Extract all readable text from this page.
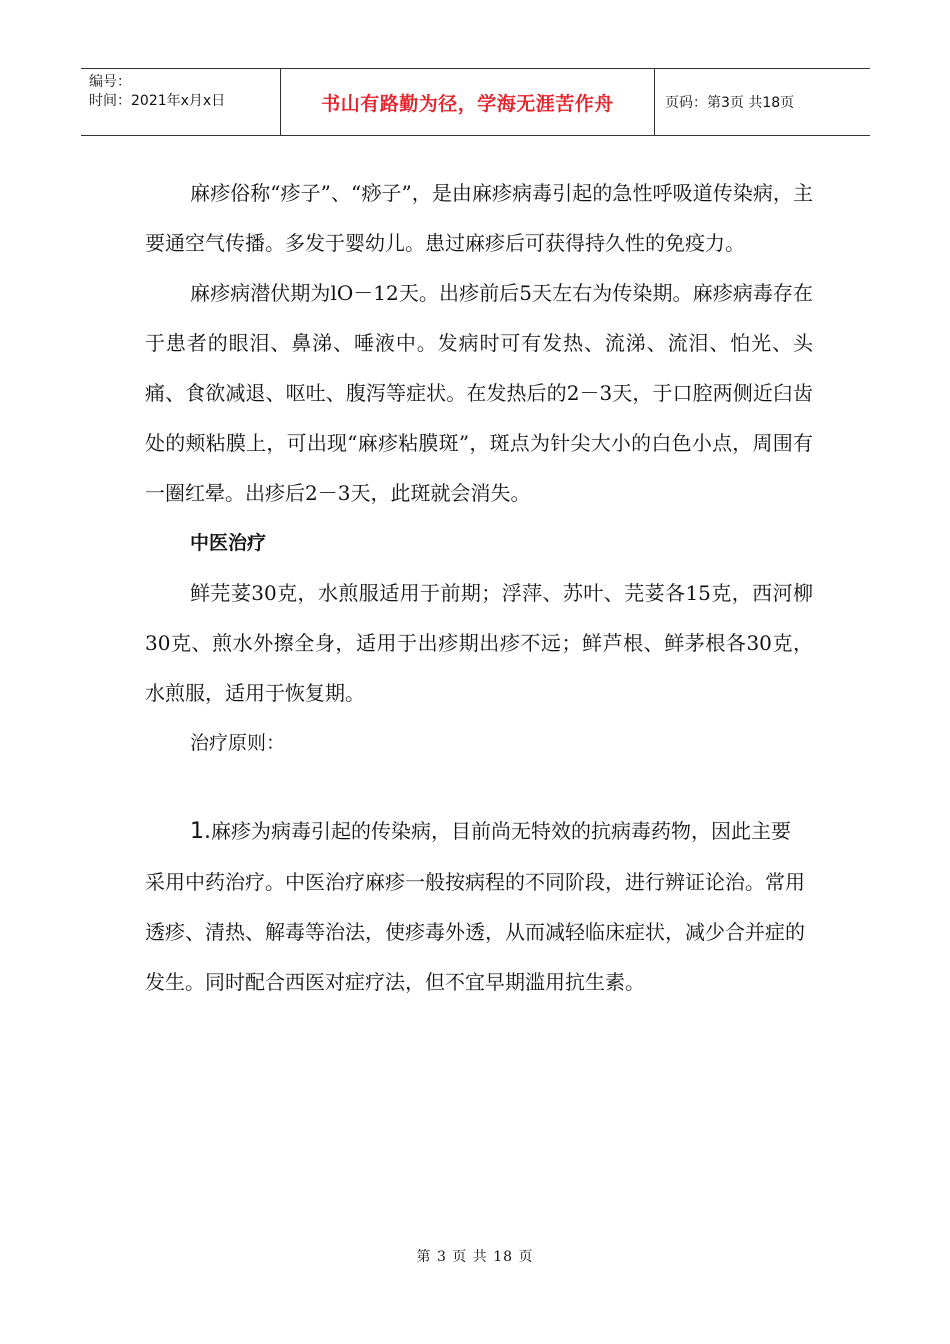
编号：
时间：2021年x月x日	书山有路勤为径，学海无涯苦作舟	页码：第3页 共18页

麻疹俗称“疹子”、“痧子”，是由麻疹病毒引起的急性呼吸道传染病，主要通空气传播。多发于婴幼儿。患过麻疹后可获得持久性的免疫力。

麻疹病潜伏期为lO－12天。出疹前后5天左右为传染期。麻疹病毒存在于患者的眼泪、鼻涕、唾液中。发病时可有发热、流涕、流泪、怕光、头痛、食欲减退、呕吐、腹泻等症状。在发热后的2－3天，于口腔两侧近臼齿处的颊粘膜上，可出现“麻疹粘膜斑”，斑点为针尖大小的白色小点，周围有一圈红晕。出疹后2－3天，此斑就会消失。

中医治疗

鲜芫荽30克，水煎服适用于前期；浮萍、苏叶、芫荽各15克，西河柳30克、煎水外擦全身，适用于出疹期出疹不远；鲜芦根、鲜茅根各30克，水煎服，适用于恢复期。

治疗原则：

1.麻疹为病毒引起的传染病，目前尚无特效的抗病毒药物，因此主要采用中药治疗。中医治疗麻疹一般按病程的不同阶段，进行辨证论治。常用透疹、清热、解毒等治法，使疹毒外透，从而减轻临床症状，减少合并症的发生。同时配合西医对症疗法，但不宜早期滥用抗生素。

第 3 页 共 18 页
